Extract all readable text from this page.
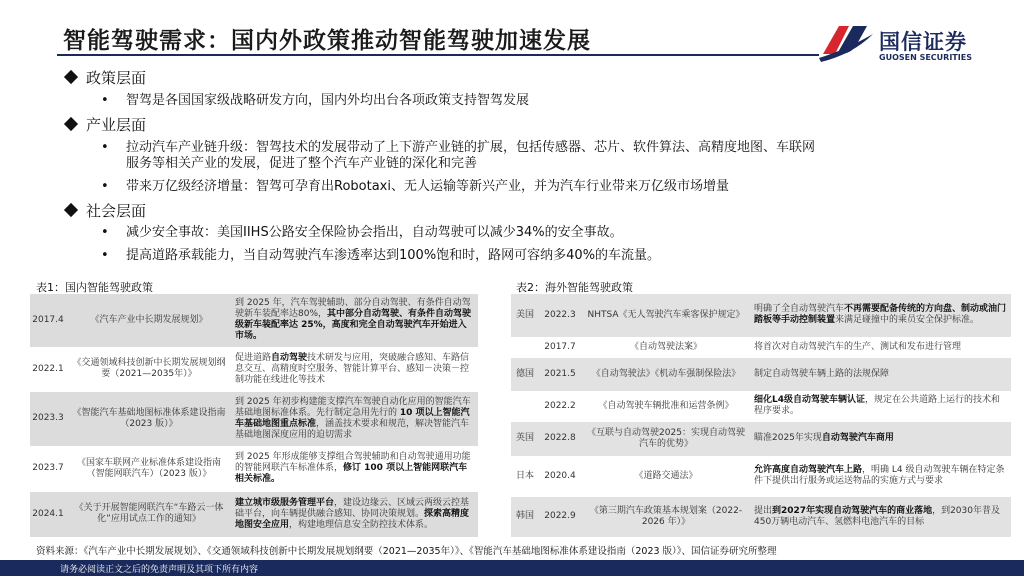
智能驾驶需求：国内外政策推动智能驾驶加速发展	国信证券
GUOSEN SECURITIES
政策层面
• 智驾是各国国家级战略研发方向，国内外均出台各项政策支持智驾发展
产业层面
• 拉动汽车产业链升级：智驾技术的发展带动了上下游产业链的扩展，包括传感器、芯片、软件算法、高精度地图、车联网
服务等相关产业的发展，促进了整个汽车产业链的深化和完善
• 带来万亿级经济增量：智驾可孕育出Robotaxi、无人运输等新兴产业，并为汽车行业带来万亿级市场增量
社会层面
• 减少安全事故：美国IIHS公路安全保险协会指出，自动驾驶可以减少34%的安全事故。
• 提高道路承载能力，当自动驾驶汽车渗透率达到100%饱和时，路网可容纳多40%的车流量。
表1：国内智能驾驶政策
2017.4	《汽车产业中长期发展规划》	到 2025 年，汽车驾驶辅助、部分自动驾驶、有条件自动驾驶新车装配率达80%，其中部分自动驾驶、有条件自动驾驶级新车装配率达 25%，高度和完全自动驾驶汽车开始进入市场。
2022.1	《交通领域科技创新中长期发展规划纲要（2021—2035年）》	促进道路自动驾驶技术研发与应用，突破融合感知、车路信息交互、高精度时空服务、智能计算平台、感知－决策－控制功能在线进化等技术
2023.3	《智能汽车基础地图标准体系建设指南（2023 版）》	到 2025 年初步构建能支撑汽车驾驶自动化应用的智能汽车基础地图标准体系。先行制定急用先行的 10 项以上智能汽车基础地图重点标准，涵盖技术要求和规范，解决智能汽车基础地图深度应用的迫切需求
2023.7	《国家车联网产业标准体系建设指南（智能网联汽车）（2023 版）》	到 2025 年形成能够支撑组合驾驶辅助和自动驾驶通用功能的智能网联汽车标准体系，修订 100 项以上智能网联汽车相关标准。
2024.1	《关于开展智能网联汽车“车路云一体化”应用试点工作的通知》	建立城市级服务管理平台，建设边缘云、区域云两级云控基础平台，向车辆提供融合感知、协同决策规划。探索高精度地图安全应用，构建地理信息安全防控技术体系。
表2：海外智能驾驶政策
美国	2022.3	NHTSA《无人驾驶汽车乘客保护规定》	明确了全自动驾驶汽车不再需要配备传统的方向盘、制动或油门踏板等手动控制装置来满足碰撞中的乘员安全保护标准。
	2017.7	《自动驾驶法案》	将首次对自动驾驶汽车的生产、测试和发布进行管理
德国	2021.5	《自动驾驶法》《机动车强制保险法》	制定自动驾驶车辆上路的法规保障
	2022.2	《自动驾驶车辆批准和运营条例》	细化L4级自动驾驶车辆认证，规定在公共道路上运行的技术和程序要求。
英国	2022.8	《互联与自动驾驶2025：实现自动驾驶汽车的优势》	瞄准2025年实现自动驾驶汽车商用
日本	2020.4	《道路交通法》	允许高度自动驾驶汽车上路，明确 L4 级自动驾驶车辆在特定条件下提供出行服务或运送物品的实施方式与要求
韩国	2022.9	《第三期汽车政策基本规划案（2022-2026 年）》	提出到2027年实现自动驾驶汽车的商业落地，到2030年普及450万辆电动汽车、氢燃料电池汽车的目标
资料来源：《汽车产业中长期发展规划》、《交通领域科技创新中长期发展规划纲要（2021—2035年）》、《智能汽车基础地图标准体系建设指南（2023 版）》、国信证券研究所整理
请务必阅读正文之后的免责声明及其项下所有内容
